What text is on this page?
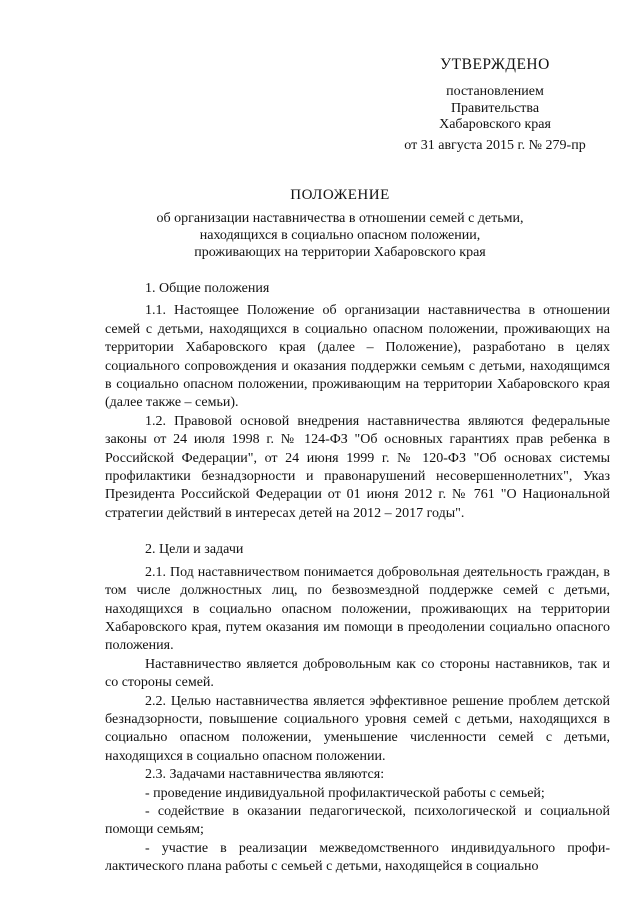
УТВЕРЖДЕНО
постановлением
Правительства
Хабаровского края
от 31 августа 2015 г. № 279-пр
ПОЛОЖЕНИЕ
об организации наставничества в отношении семей с детьми,
находящихся в социально опасном положении,
проживающих на территории Хабаровского края
1. Общие положения

1.1. Настоящее Положение об организации наставничества в отношении семей с детьми, находящихся в социально опасном положении, проживающих на территории Хабаровского края (далее – Положение), разработано в целях социального сопровождения и оказания поддержки семьям с детьми, находящимся в социально опасном положении, проживающим на территории Хабаровского края (далее также – семьи).

1.2. Правовой основой внедрения наставничества являются федеральные законы от 24 июля 1998 г. № 124-ФЗ "Об основных гарантиях прав ребенка в Российской Федерации", от 24 июня 1999 г. № 120-ФЗ "Об основах системы профилактики безнадзорности и правонарушений несовершеннолетних", Указ Президента Российской Федерации от 01 июня 2012 г. № 761 "О Национальной стратегии действий в интересах детей на 2012 – 2017 годы".

2. Цели и задачи

2.1. Под наставничеством понимается добровольная деятельность граждан, в том числе должностных лиц, по безвозмездной поддержке семей с детьми, находящихся в социально опасном положении, проживающих на территории Хабаровского края, путем оказания им помощи в преодолении социально опасного положения.

Наставничество является добровольным как со стороны наставников, так и со стороны семей.

2.2. Целью наставничества является эффективное решение проблем детской безнадзорности, повышение социального уровня семей с детьми, находящихся в социально опасном положении, уменьшение численности семей с детьми, находящихся в социально опасном положении.

2.3. Задачами наставничества являются:

- проведение индивидуальной профилактической работы с семьей;

- содействие в оказании педагогической, психологической и социальной помощи семьям;

- участие в реализации межведомственного индивидуального профилактического плана работы с семьей с детьми, находящейся в социально
